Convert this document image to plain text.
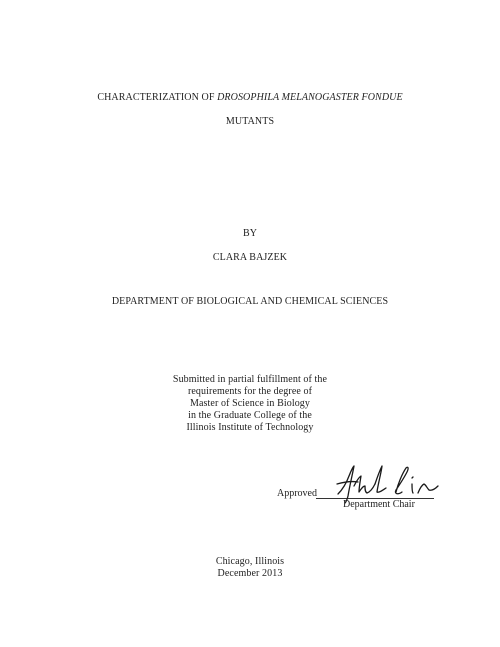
CHARACTERIZATION OF DROSOPHILA MELANOGASTER FONDUE
MUTANTS
BY
CLARA BAJZEK
DEPARTMENT OF BIOLOGICAL AND CHEMICAL SCIENCES
Submitted in partial fulfillment of the
requirements for the degree of
Master of Science in Biology
in the Graduate College of the
Illinois Institute of Technology
Approved
Department Chair
Chicago, Illinois
December 2013
